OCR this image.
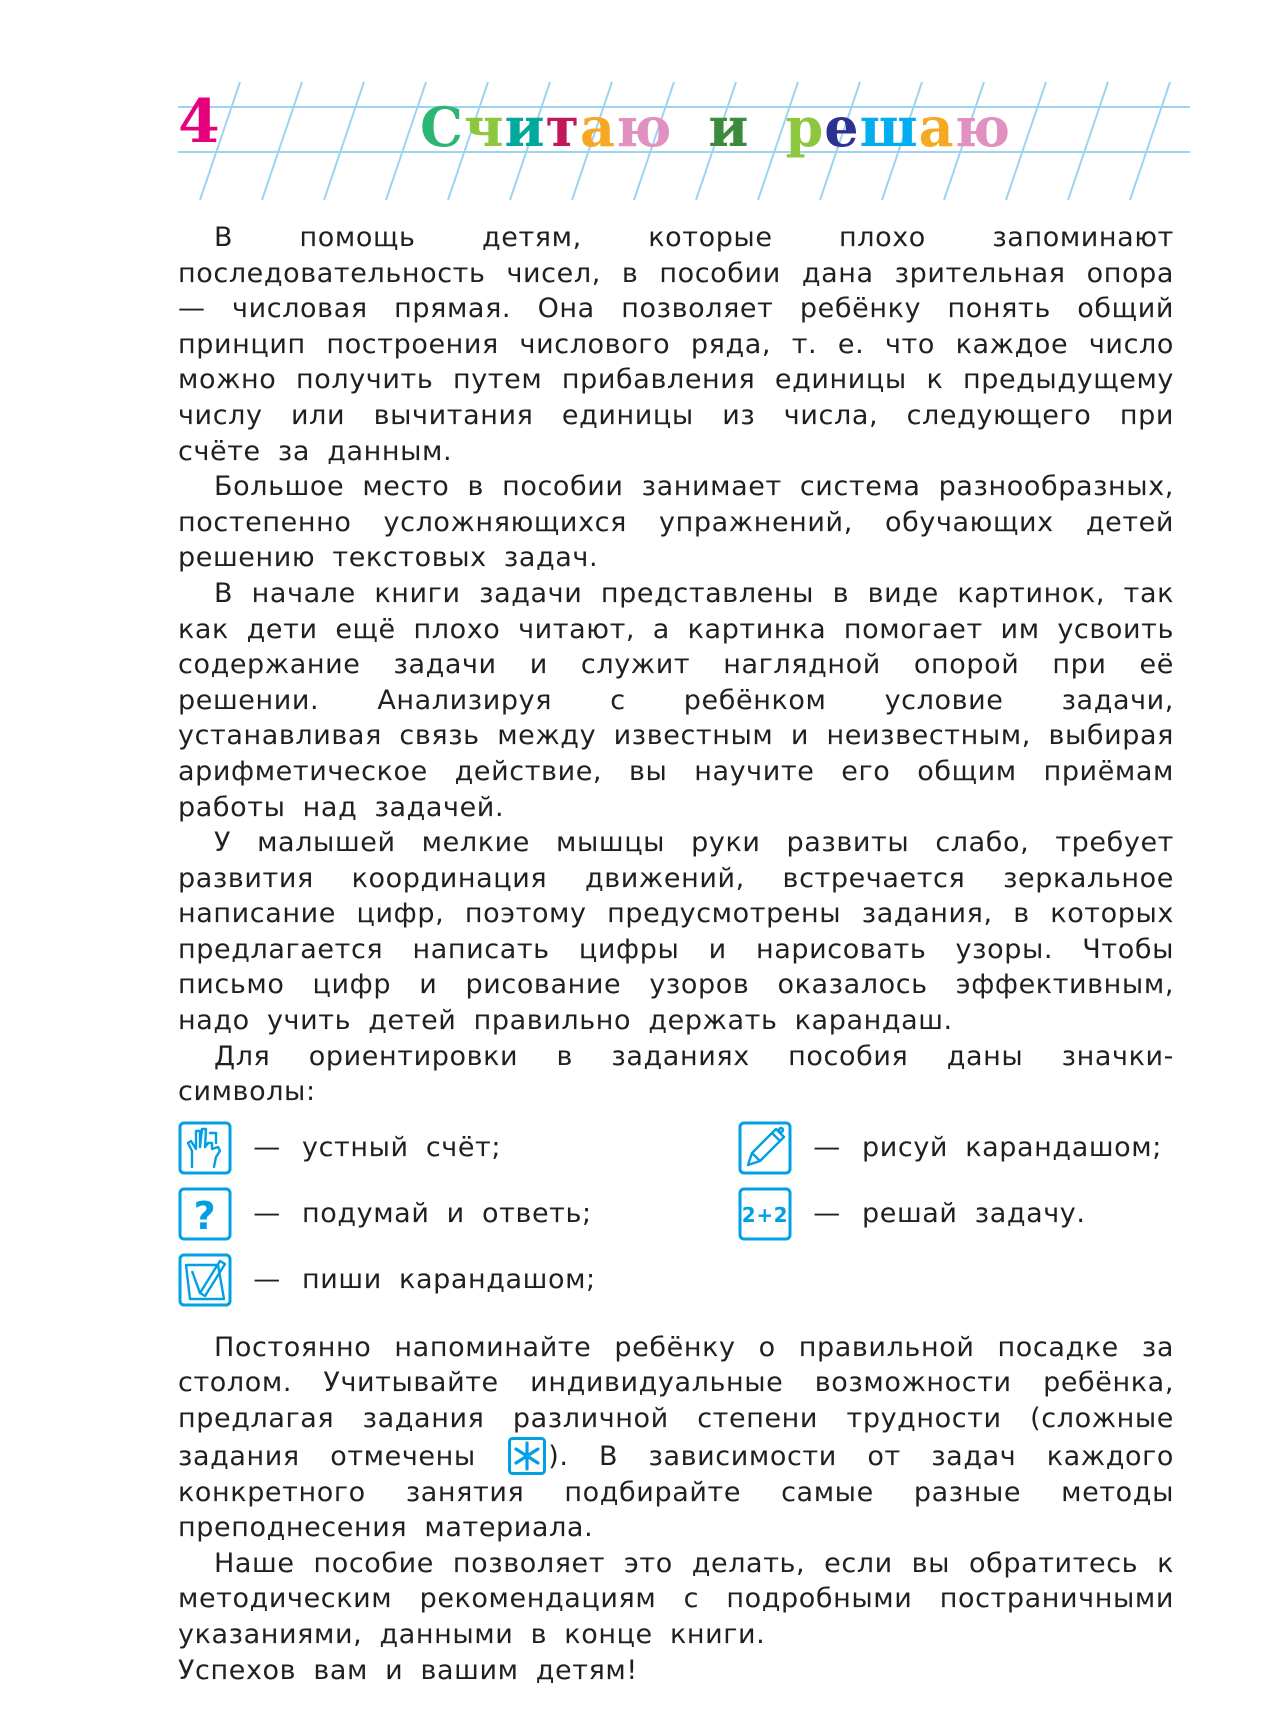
4	Считаю и решаю

В помощь детям, которые плохо запоминают последовательность чисел, в пособии дана зрительная опора — числовая прямая. Она позволяет ребёнку понять общий принцип построения числового ряда, т. е. что каждое число можно получить путем прибавления единицы к предыдущему числу или вычитания единицы из числа, следующего при счёте за данным.

Большое место в пособии занимает система разнообразных, постепенно усложняющихся упражнений, обучающих детей решению текстовых задач.

В начале книги задачи представлены в виде картинок, так как дети ещё плохо читают, а картинка помогает им усвоить содержание задачи и служит наглядной опорой при её решении. Анализируя с ребёнком условие задачи, устанавливая связь между известным и неизвестным, выбирая арифметическое действие, вы научите его общим приёмам работы над задачей.

У малышей мелкие мышцы руки развиты слабо, требует развития координация движений, встречается зеркальное написание цифр, поэтому предусмотрены задания, в которых предлагается написать цифры и нарисовать узоры. Чтобы письмо цифр и рисование узоров оказалось эффективным, надо учить детей правильно держать карандаш.

Для ориентировки в заданиях пособия даны значки-символы:

— устный счёт;
? — подумай и ответь;
— пиши карандашом;
— рисуй карандашом;
2+2 — решай задачу.

Постоянно напоминайте ребёнку о правильной посадке за столом. Учитывайте индивидуальные возможности ребёнка, предлагая задания различной степени трудности (сложные задания отмечены ). В зависимости от задач каждого конкретного занятия подбирайте самые разные методы преподнесения материала.

Наше пособие позволяет это делать, если вы обратитесь к методическим рекомендациям с подробными постраничными указаниями, данными в конце книги.

Успехов вам и вашим детям!
